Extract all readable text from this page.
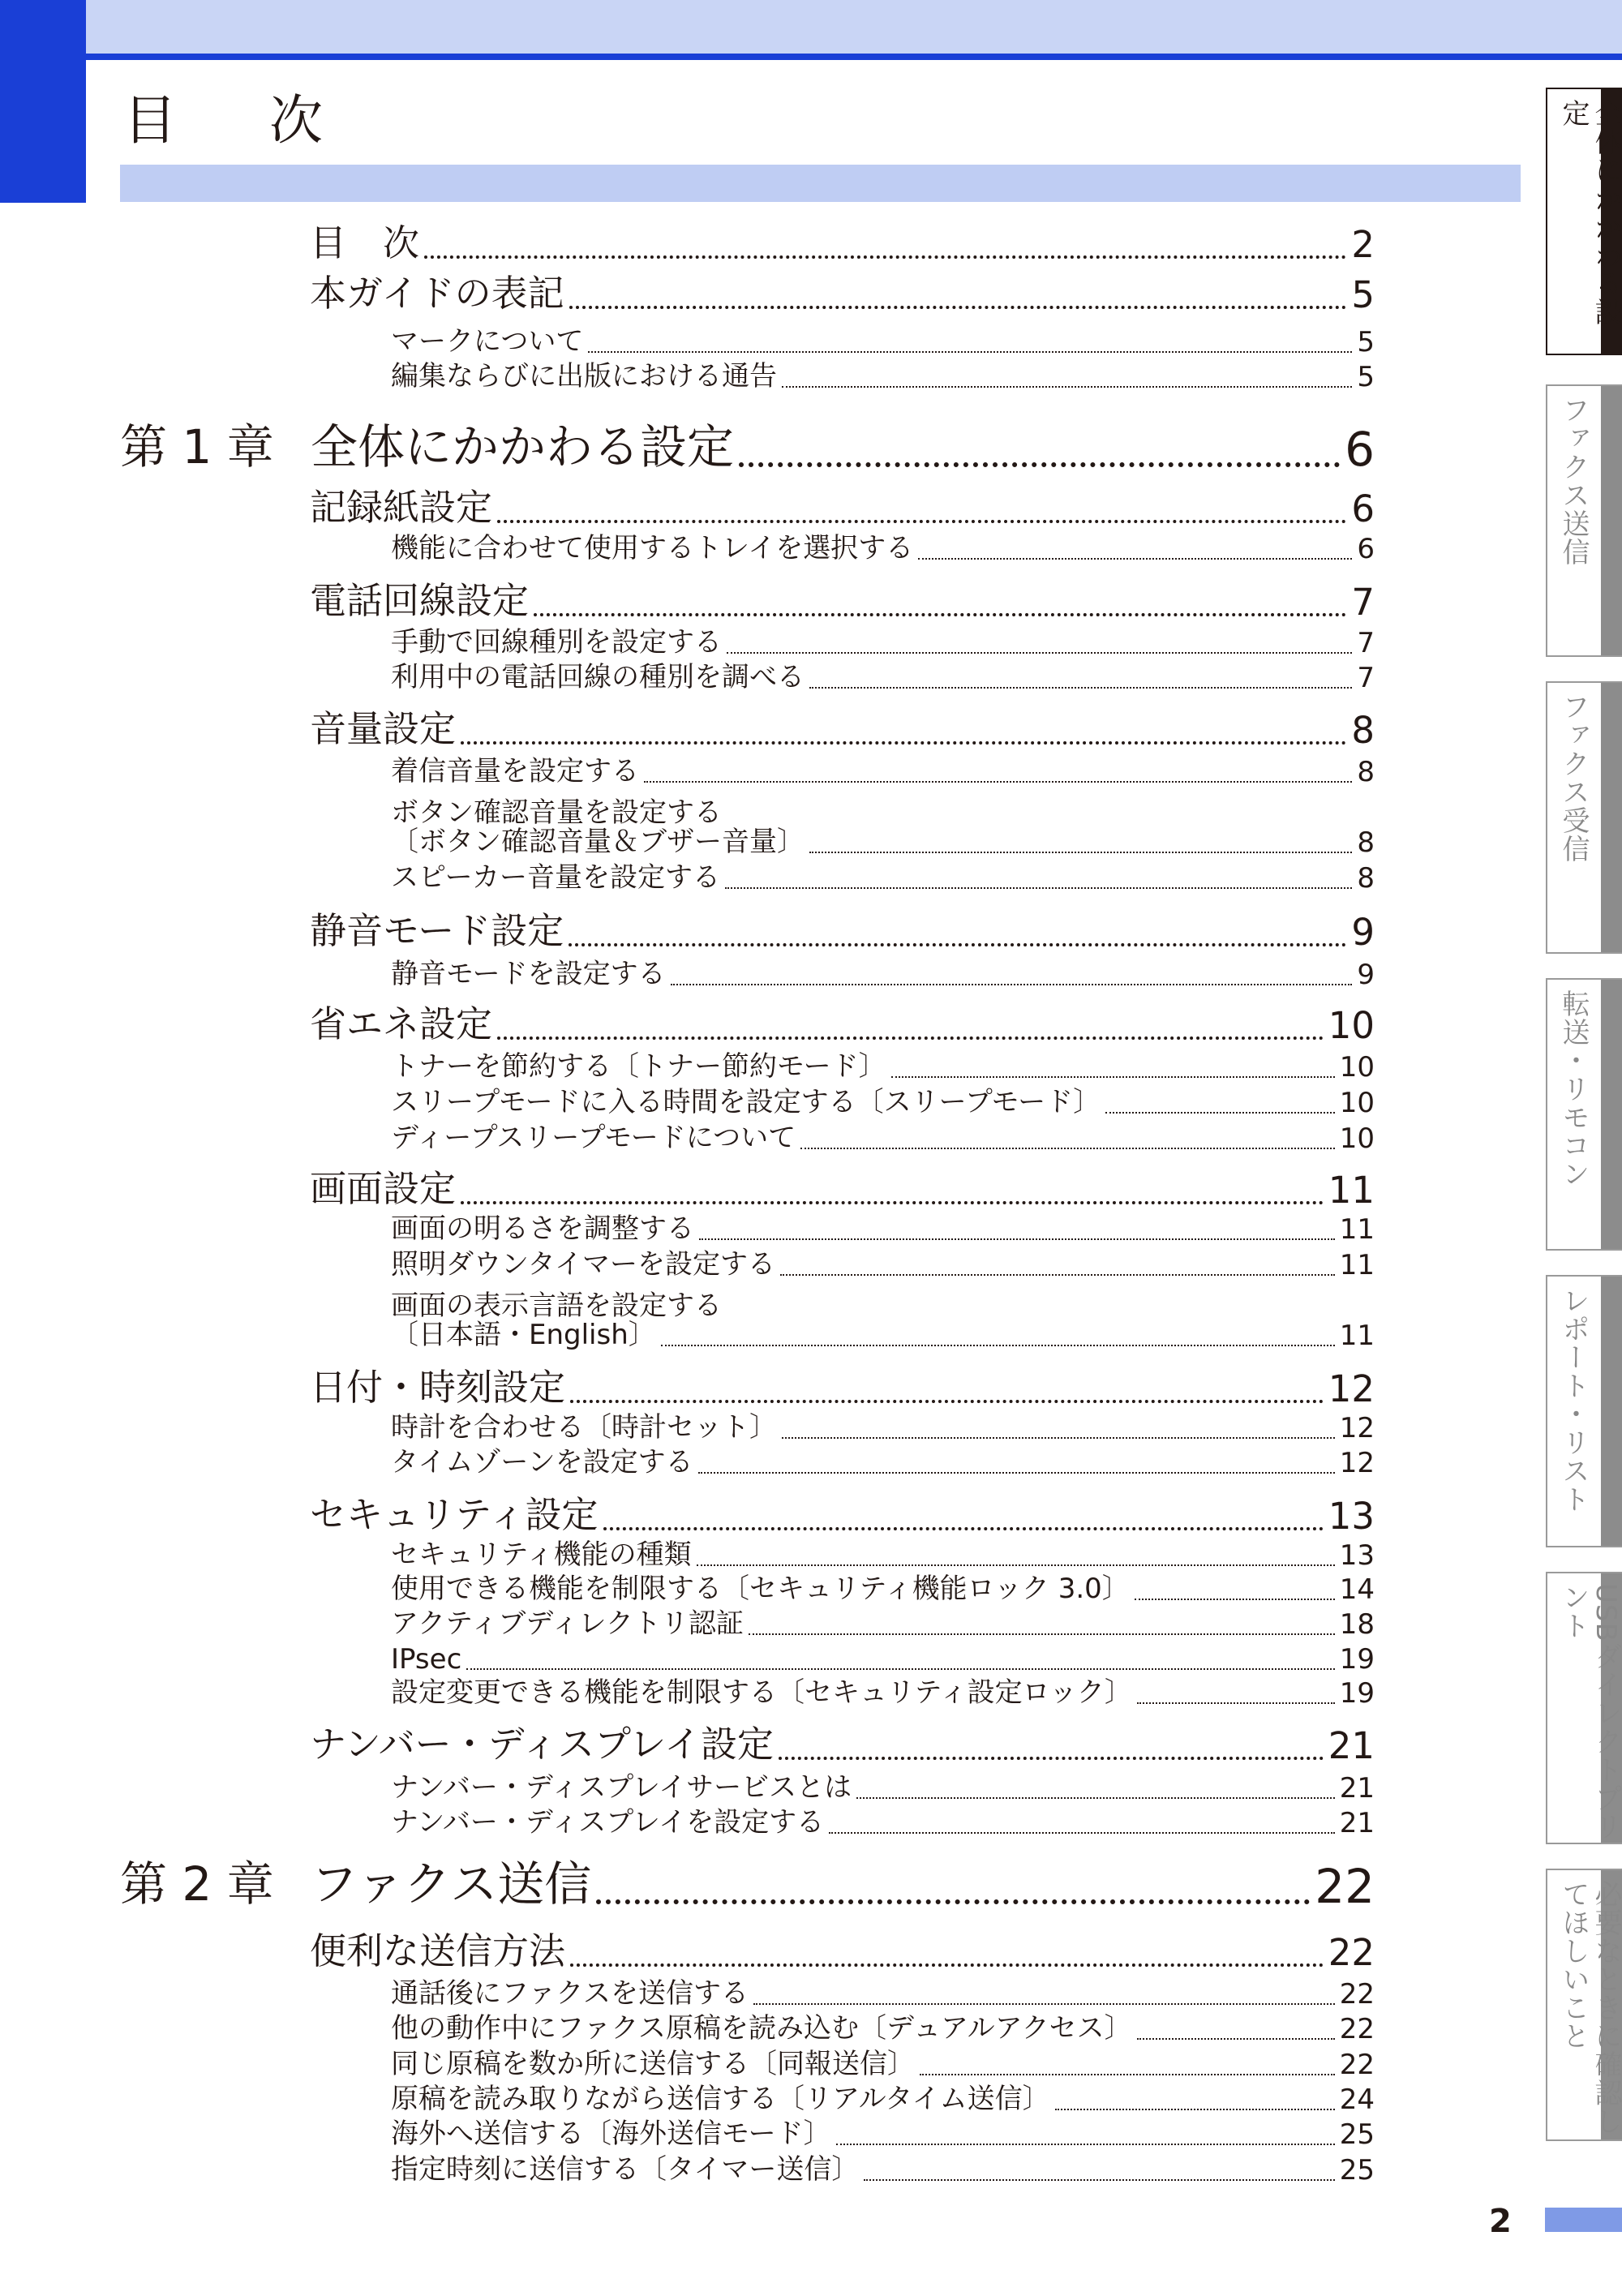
目　次
目　次	2
本ガイドの表記	5
マークについて	5
編集ならびに出版における通告	5
第 1 章 全体にかかわる設定	6
記録紙設定	6
機能に合わせて使用するトレイを選択する	6
電話回線設定	7
手動で回線種別を設定する	7
利用中の電話回線の種別を調べる	7
音量設定	8
着信音量を設定する	8
ボタン確認音量を設定する
〔ボタン確認音量＆ブザー音量〕	8
スピーカー音量を設定する	8
静音モード設定	9
静音モードを設定する	9
省エネ設定	10
トナーを節約する〔トナー節約モード〕	10
スリープモードに入る時間を設定する〔スリープモード〕	10
ディープスリープモードについて	10
画面設定	11
画面の明るさを調整する	11
照明ダウンタイマーを設定する	11
画面の表示言語を設定する
〔日本語・English〕	11
日付・時刻設定	12
時計を合わせる〔時計セット〕	12
タイムゾーンを設定する	12
セキュリティ設定	13
セキュリティ機能の種類	13
使用できる機能を制限する〔セキュリティ機能ロック 3.0〕	14
アクティブディレクトリ認証	18
IPsec	19
設定変更できる機能を制限する〔セキュリティ設定ロック〕	19
ナンバー・ディスプレイ設定	21
ナンバー・ディスプレイサービスとは	21
ナンバー・ディスプレイを設定する	21
第 2 章 ファクス送信	22
便利な送信方法	22
通話後にファクスを送信する	22
他の動作中にファクス原稿を読み込む〔デュアルアクセス〕	22
同じ原稿を数か所に送信する〔同報送信〕	22
原稿を読み取りながら送信する〔リアルタイム送信〕	24
海外へ送信する〔海外送信モード〕	25
指定時刻に送信する〔タイマー送信〕	25
全体にかかわる設定
ファクス送信
ファクス受信
転送・リモコン
レポート・リスト
USBダイレクトプリント
必要なときに確認してほしいこと
2
